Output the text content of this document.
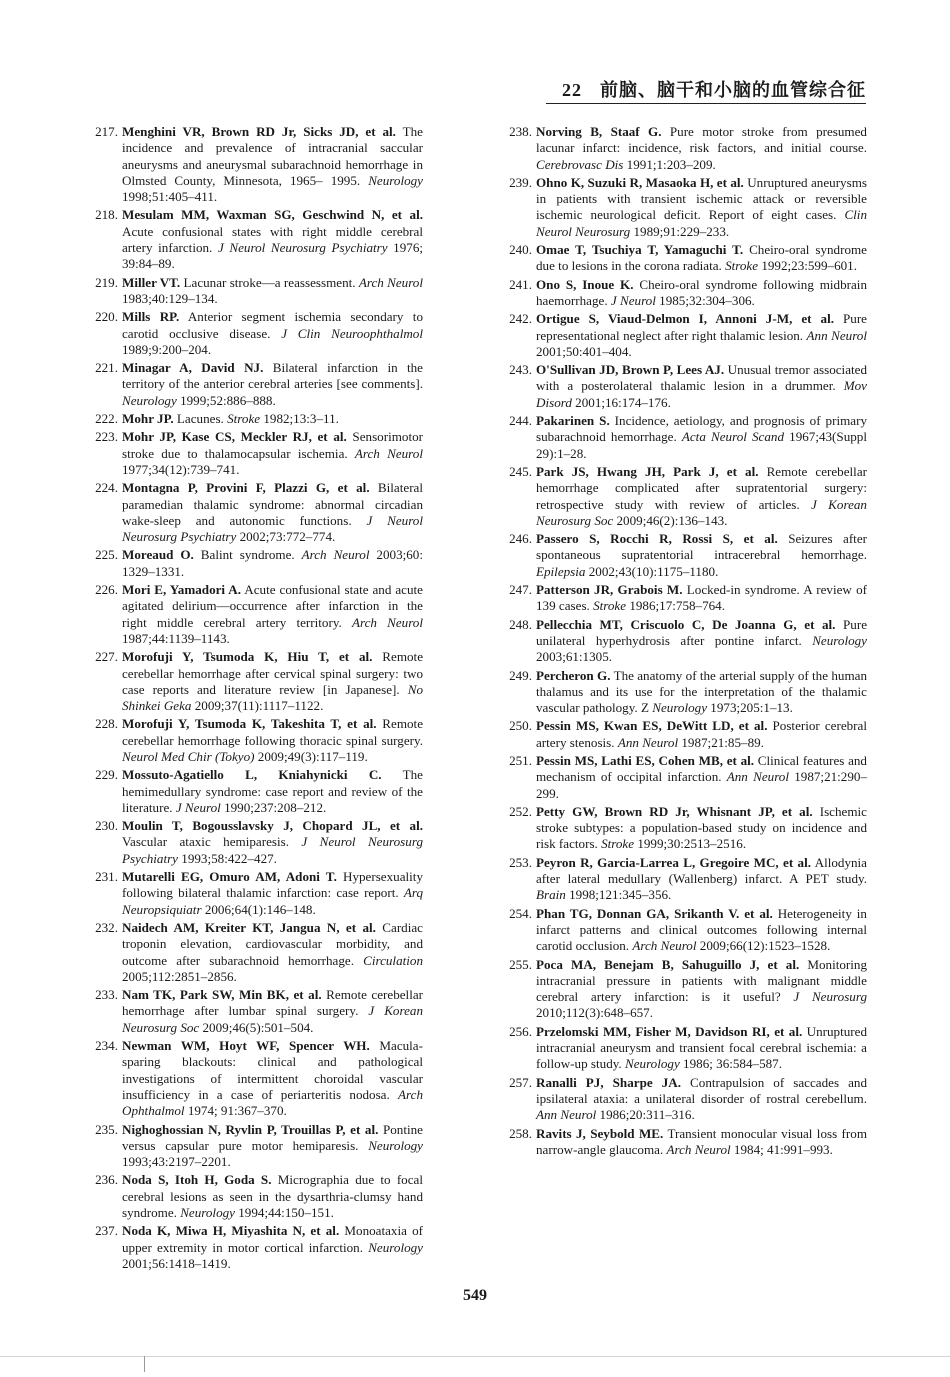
22 前脑、脑干和小脑的血管综合征
217. Menghini VR, Brown RD Jr, Sicks JD, et al. The incidence and prevalence of intracranial saccular aneurysms and aneurysmal subarachnoid hemorrhage in Olmsted County, Minnesota, 1965– 1995. Neurology 1998;51:405–411.
218. Mesulam MM, Waxman SG, Geschwind N, et al. Acute confusional states with right middle cerebral artery infarction. J Neurol Neurosurg Psychiatry 1976; 39:84–89.
219. Miller VT. Lacunar stroke—a reassessment. Arch Neurol 1983;40:129–134.
220. Mills RP. Anterior segment ischemia secondary to carotid occlusive disease. J Clin Neuroophthalmol 1989;9:200–204.
221. Minagar A, David NJ. Bilateral infarction in the territory of the anterior cerebral arteries [see comments]. Neurology 1999;52:886–888.
222. Mohr JP. Lacunes. Stroke 1982;13:3–11.
223. Mohr JP, Kase CS, Meckler RJ, et al. Sensorimotor stroke due to thalamocapsular ischemia. Arch Neurol 1977;34(12):739–741.
224. Montagna P, Provini F, Plazzi G, et al. Bilateral paramedian thalamic syndrome: abnormal circadian wake-sleep and autonomic functions. J Neurol Neurosurg Psychiatry 2002;73:772–774.
225. Moreaud O. Balint syndrome. Arch Neurol 2003;60: 1329–1331.
226. Mori E, Yamadori A. Acute confusional state and acute agitated delirium—occurrence after infarction in the right middle cerebral artery territory. Arch Neurol 1987;44:1139–1143.
227. Morofuji Y, Tsumoda K, Hiu T, et al. Remote cerebellar hemorrhage after cervical spinal surgery: two case reports and literature review [in Japanese]. No Shinkei Geka 2009;37(11):1117–1122.
228. Morofuji Y, Tsumoda K, Takeshita T, et al. Remote cerebellar hemorrhage following thoracic spinal surgery. Neurol Med Chir (Tokyo) 2009;49(3):117–119.
229. Mossuto-Agatiello L, Kniahynicki C. The hemimedullary syndrome: case report and review of the literature. J Neurol 1990;237:208–212.
230. Moulin T, Bogousslavsky J, Chopard JL, et al. Vascular ataxic hemiparesis. J Neurol Neurosurg Psychiatry 1993;58:422–427.
231. Mutarelli EG, Omuro AM, Adoni T. Hypersexuality following bilateral thalamic infarction: case report. Arq Neuropsiquiatr 2006;64(1):146–148.
232. Naidech AM, Kreiter KT, Jangua N, et al. Cardiac troponin elevation, cardiovascular morbidity, and outcome after subarachnoid hemorrhage. Circulation 2005;112:2851–2856.
233. Nam TK, Park SW, Min BK, et al. Remote cerebellar hemorrhage after lumbar spinal surgery. J Korean Neurosurg Soc 2009;46(5):501–504.
234. Newman WM, Hoyt WF, Spencer WH. Macula-sparing blackouts: clinical and pathological investigations of intermittent choroidal vascular insufficiency in a case of periarteritis nodosa. Arch Ophthalmol 1974; 91:367–370.
235. Nighoghossian N, Ryvlin P, Trouillas P, et al. Pontine versus capsular pure motor hemiparesis. Neurology 1993;43:2197–2201.
236. Noda S, Itoh H, Goda S. Micrographia due to focal cerebral lesions as seen in the dysarthria-clumsy hand syndrome. Neurology 1994;44:150–151.
237. Noda K, Miwa H, Miyashita N, et al. Monoataxia of upper extremity in motor cortical infarction. Neurology 2001;56:1418–1419.
238. Norving B, Staaf G. Pure motor stroke from presumed lacunar infarct: incidence, risk factors, and initial course. Cerebrovasc Dis 1991;1:203–209.
239. Ohno K, Suzuki R, Masaoka H, et al. Unruptured aneurysms in patients with transient ischemic attack or reversible ischemic neurological deficit. Report of eight cases. Clin Neurol Neurosurg 1989;91:229–233.
240. Omae T, Tsuchiya T, Yamaguchi T. Cheiro-oral syndrome due to lesions in the corona radiata. Stroke 1992;23:599–601.
241. Ono S, Inoue K. Cheiro-oral syndrome following midbrain haemorrhage. J Neurol 1985;32:304–306.
242. Ortigue S, Viaud-Delmon I, Annoni J-M, et al. Pure representational neglect after right thalamic lesion. Ann Neurol 2001;50:401–404.
243. O'Sullivan JD, Brown P, Lees AJ. Unusual tremor associated with a posterolateral thalamic lesion in a drummer. Mov Disord 2001;16:174–176.
244. Pakarinen S. Incidence, aetiology, and prognosis of primary subarachnoid hemorrhage. Acta Neurol Scand 1967;43(Suppl 29):1–28.
245. Park JS, Hwang JH, Park J, et al. Remote cerebellar hemorrhage complicated after supratentorial surgery: retrospective study with review of articles. J Korean Neurosurg Soc 2009;46(2):136–143.
246. Passero S, Rocchi R, Rossi S, et al. Seizures after spontaneous supratentorial intracerebral hemorrhage. Epilepsia 2002;43(10):1175–1180.
247. Patterson JR, Grabois M. Locked-in syndrome. A review of 139 cases. Stroke 1986;17:758–764.
248. Pellecchia MT, Criscuolo C, De Joanna G, et al. Pure unilateral hyperhydrosis after pontine infarct. Neurology 2003;61:1305.
249. Percheron G. The anatomy of the arterial supply of the human thalamus and its use for the interpretation of the thalamic vascular pathology. Z Neurology 1973;205:1–13.
250. Pessin MS, Kwan ES, DeWitt LD, et al. Posterior cerebral artery stenosis. Ann Neurol 1987;21:85–89.
251. Pessin MS, Lathi ES, Cohen MB, et al. Clinical features and mechanism of occipital infarction. Ann Neurol 1987;21:290–299.
252. Petty GW, Brown RD Jr, Whisnant JP, et al. Ischemic stroke subtypes: a population-based study on incidence and risk factors. Stroke 1999;30:2513–2516.
253. Peyron R, Garcia-Larrea L, Gregoire MC, et al. Allodynia after lateral medullary (Wallenberg) infarct. A PET study. Brain 1998;121:345–356.
254. Phan TG, Donnan GA, Srikanth V. et al. Heterogeneity in infarct patterns and clinical outcomes following internal carotid occlusion. Arch Neurol 2009;66(12):1523–1528.
255. Poca MA, Benejam B, Sahuguillo J, et al. Monitoring intracranial pressure in patients with malignant middle cerebral artery infarction: is it useful? J Neurosurg 2010;112(3):648–657.
256. Przelomski MM, Fisher M, Davidson RI, et al. Unruptured intracranial aneurysm and transient focal cerebral ischemia: a follow-up study. Neurology 1986; 36:584–587.
257. Ranalli PJ, Sharpe JA. Contrapulsion of saccades and ipsilateral ataxia: a unilateral disorder of rostral cerebellum. Ann Neurol 1986;20:311–316.
258. Ravits J, Seybold ME. Transient monocular visual loss from narrow-angle glaucoma. Arch Neurol 1984; 41:991–993.
549
